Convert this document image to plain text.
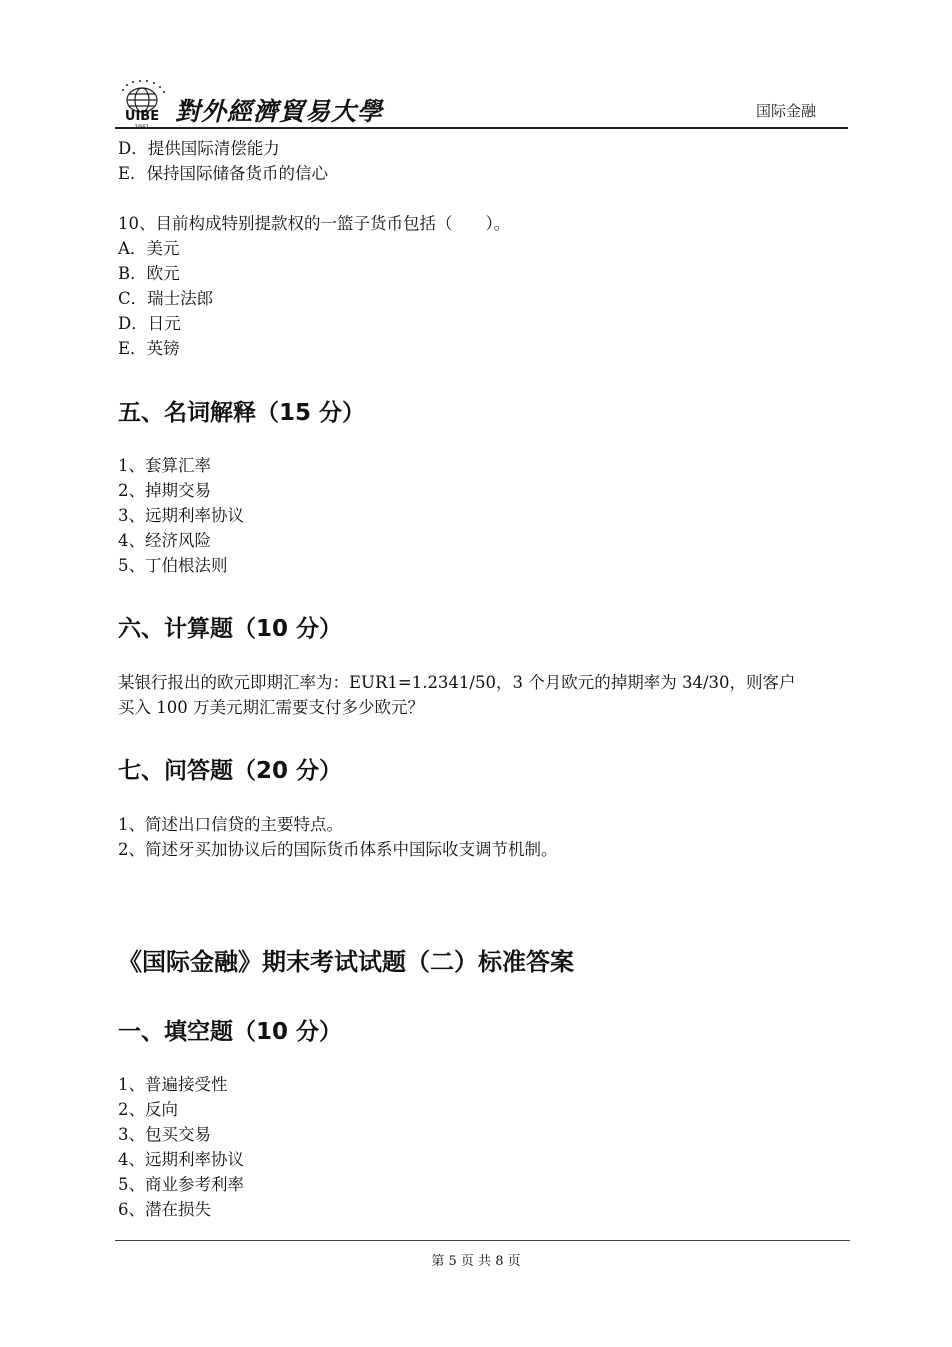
UIBE 對外經濟貿易大學	国际金融
D．提供国际清偿能力
E．保持国际储备货币的信心
10、目前构成特别提款权的一篮子货币包括（　　）。
A．美元
B．欧元
C．瑞士法郎
D．日元
E．英镑
五、名词解释（15 分）
1、套算汇率
2、掉期交易
3、远期利率协议
4、经济风险
5、丁伯根法则
六、计算题（10 分）
某银行报出的欧元即期汇率为：EUR1=1.2341/50，3 个月欧元的掉期率为 34/30，则客户
买入 100 万美元期汇需要支付多少欧元？
七、问答题（20 分）
1、简述出口信贷的主要特点。
2、简述牙买加协议后的国际货币体系中国际收支调节机制。
《国际金融》期末考试试题（二）标准答案
一、填空题（10 分）
1、普遍接受性
2、反向
3、包买交易
4、远期利率协议
5、商业参考利率
6、潜在损失
第 5 页 共 8 页
